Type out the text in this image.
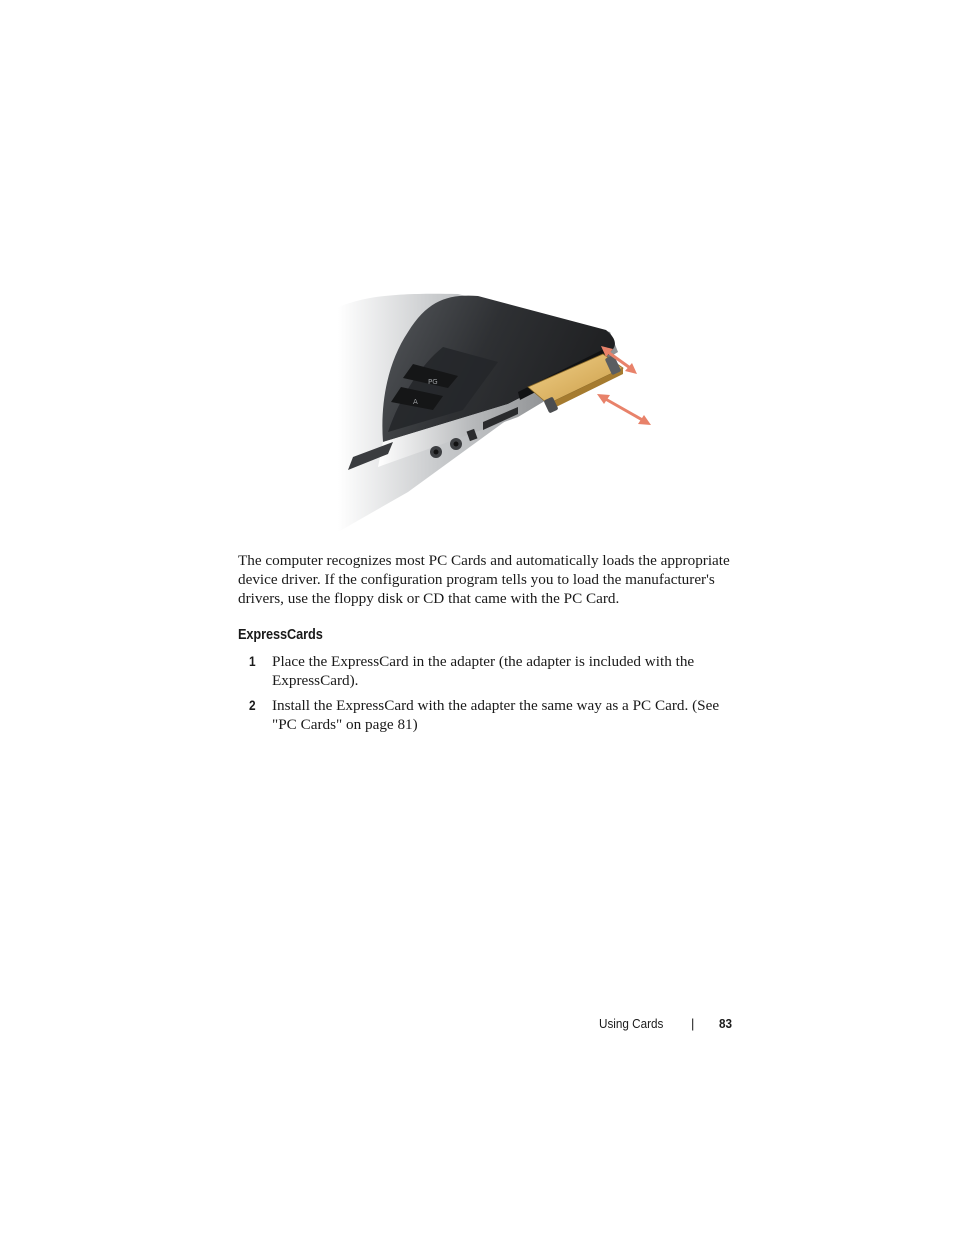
PG
A

The computer recognizes most PC Cards and automatically loads the appropriate device driver. If the configuration program tells you to load the manufacturer's drivers, use the floppy disk or CD that came with the PC Card.

ExpressCards
1 Place the ExpressCard in the adapter (the adapter is included with the ExpressCard).
2 Install the ExpressCard with the adapter the same way as a PC Card. (See "PC Cards" on page 81)
Using Cards | 83
